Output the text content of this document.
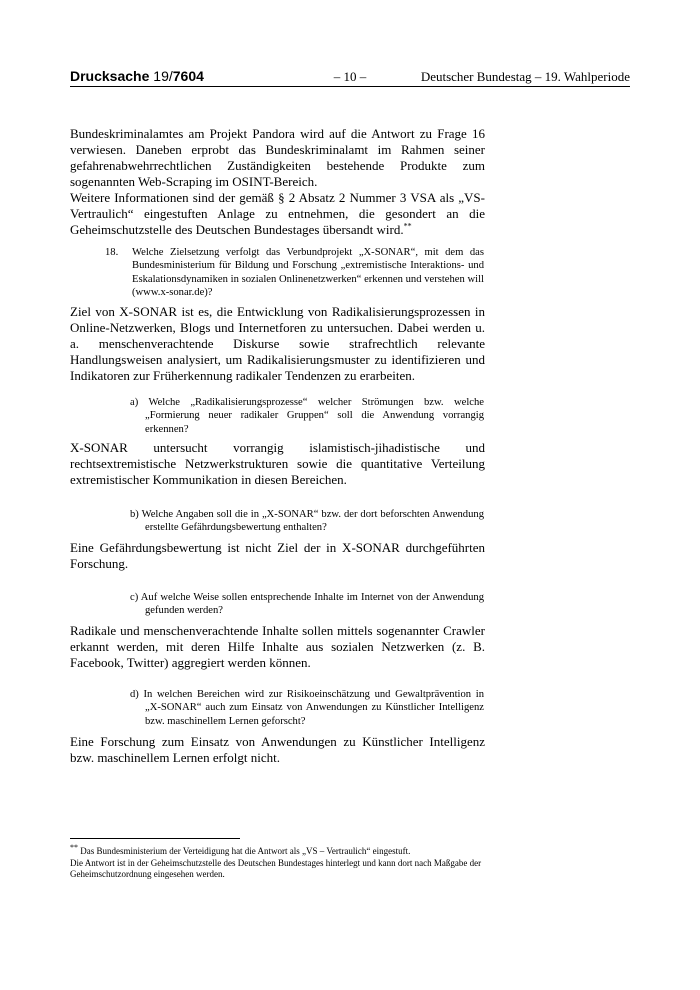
Drucksache 19/7604	– 10 –	Deutscher Bundestag – 19. Wahlperiode
Bundeskriminalamtes am Projekt Pandora wird auf die Antwort zu Frage 16 verwiesen. Daneben erprobt das Bundeskriminalamt im Rahmen seiner gefahrenabwehrrechtlichen Zuständigkeiten bestehende Produkte zum sogenannten Web-Scraping im OSINT-Bereich.
Weitere Informationen sind der gemäß § 2 Absatz 2 Nummer 3 VSA als „VS-Vertraulich“ eingestuften Anlage zu entnehmen, die gesondert an die Geheimschutzstelle des Deutschen Bundestages übersandt wird.**
18. Welche Zielsetzung verfolgt das Verbundprojekt „X-SONAR“, mit dem das Bundesministerium für Bildung und Forschung „extremistische Interaktions- und Eskalationsdynamiken in sozialen Onlinenetzwerken“ erkennen und verstehen will (www.x-sonar.de)?
Ziel von X-SONAR ist es, die Entwicklung von Radikalisierungsprozessen in Online-Netzwerken, Blogs und Internetforen zu untersuchen. Dabei werden u. a. menschenverachtende Diskurse sowie strafrechtlich relevante Handlungsweisen analysiert, um Radikalisierungsmuster zu identifizieren und Indikatoren zur Früherkennung radikaler Tendenzen zu erarbeiten.
a) Welche „Radikalisierungsprozesse“ welcher Strömungen bzw. welche „Formierung neuer radikaler Gruppen“ soll die Anwendung vorrangig erkennen?
X-SONAR untersucht vorrangig islamistisch-jihadistische und rechtsextremistische Netzwerkstrukturen sowie die quantitative Verteilung extremistischer Kommunikation in diesen Bereichen.
b) Welche Angaben soll die in „X-SONAR“ bzw. der dort beforschten Anwendung erstellte Gefährdungsbewertung enthalten?
Eine Gefährdungsbewertung ist nicht Ziel der in X-SONAR durchgeführten Forschung.
c) Auf welche Weise sollen entsprechende Inhalte im Internet von der Anwendung gefunden werden?
Radikale und menschenverachtende Inhalte sollen mittels sogenannter Crawler erkannt werden, mit deren Hilfe Inhalte aus sozialen Netzwerken (z. B. Facebook, Twitter) aggregiert werden können.
d) In welchen Bereichen wird zur Risikoeinschätzung und Gewaltprävention in „X-SONAR“ auch zum Einsatz von Anwendungen zu Künstlicher Intelligenz bzw. maschinellem Lernen geforscht?
Eine Forschung zum Einsatz von Anwendungen zu Künstlicher Intelligenz bzw. maschinellem Lernen erfolgt nicht.
** Das Bundesministerium der Verteidigung hat die Antwort als „VS – Vertraulich“ eingestuft.
Die Antwort ist in der Geheimschutzstelle des Deutschen Bundestages hinterlegt und kann dort nach Maßgabe der Geheimschutzordnung eingesehen werden.
